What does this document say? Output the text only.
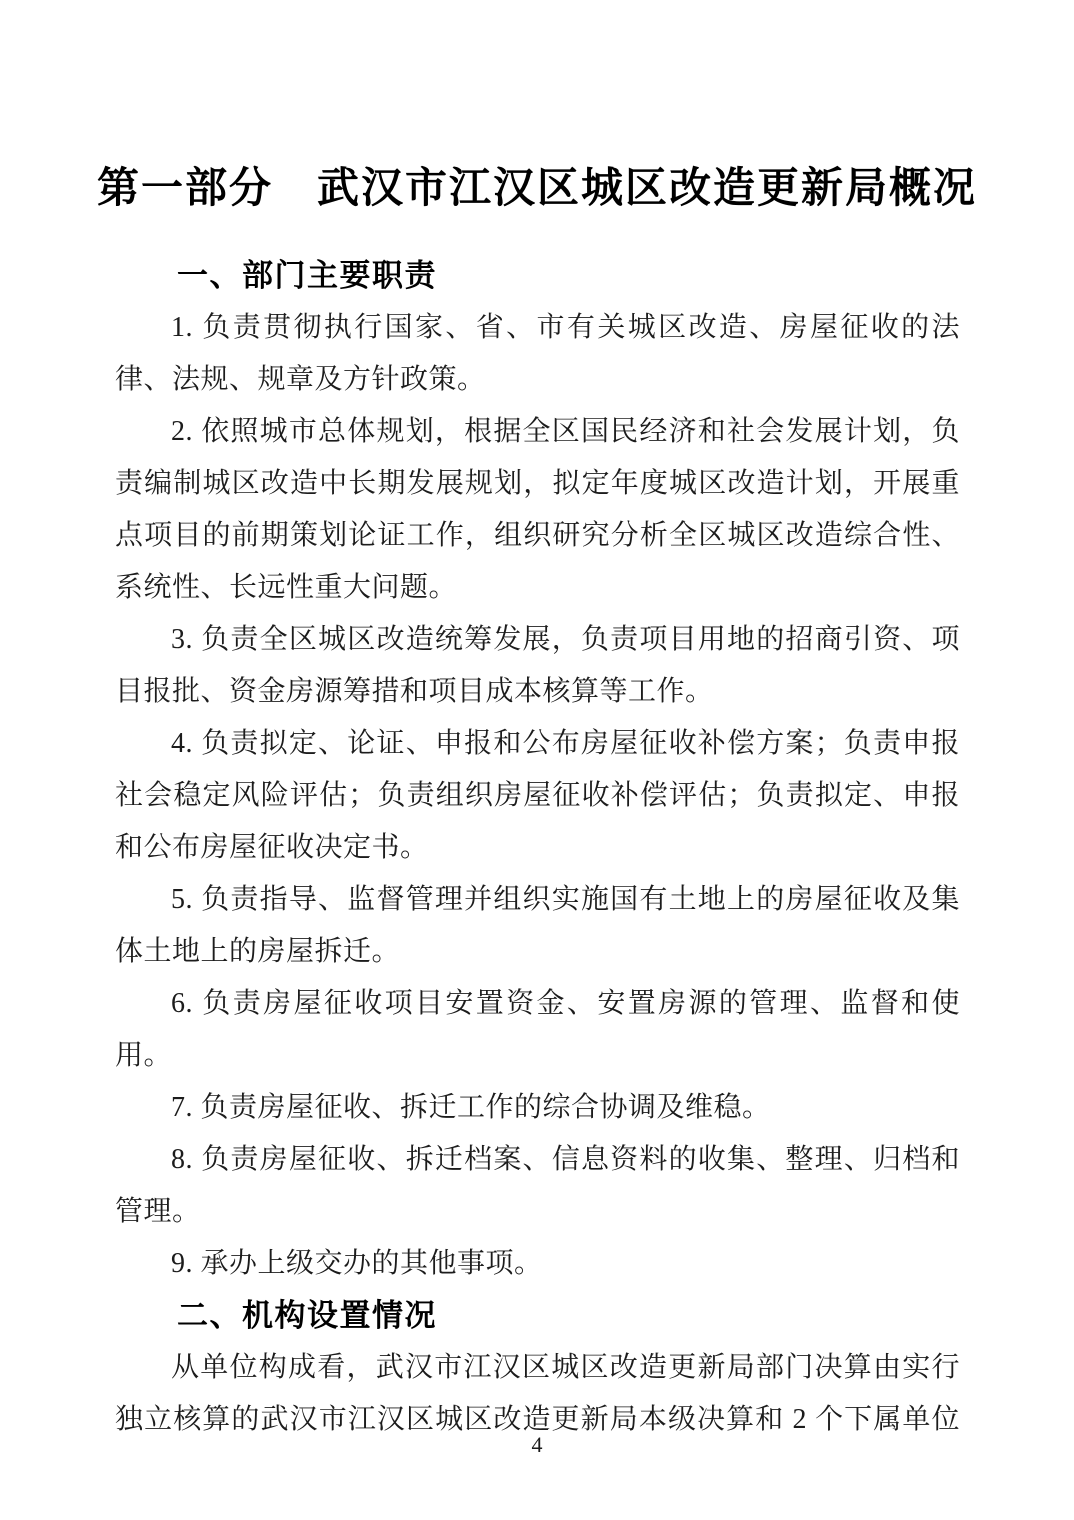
第一部分　武汉市江汉区城区改造更新局概况
一、部门主要职责

1. 负责贯彻执行国家、省、市有关城区改造、房屋征收的法律、法规、规章及方针政策。

2. 依照城市总体规划，根据全区国民经济和社会发展计划，负责编制城区改造中长期发展规划，拟定年度城区改造计划，开展重点项目的前期策划论证工作，组织研究分析全区城区改造综合性、系统性、长远性重大问题。

3. 负责全区城区改造统筹发展，负责项目用地的招商引资、项目报批、资金房源筹措和项目成本核算等工作。

4. 负责拟定、论证、申报和公布房屋征收补偿方案；负责申报社会稳定风险评估；负责组织房屋征收补偿评估；负责拟定、申报和公布房屋征收决定书。

5. 负责指导、监督管理并组织实施国有土地上的房屋征收及集体土地上的房屋拆迁。

6. 负责房屋征收项目安置资金、安置房源的管理、监督和使用。

7. 负责房屋征收、拆迁工作的综合协调及维稳。

8. 负责房屋征收、拆迁档案、信息资料的收集、整理、归档和管理。

9. 承办上级交办的其他事项。

二、机构设置情况

从单位构成看，武汉市江汉区城区改造更新局部门决算由实行独立核算的武汉市江汉区城区改造更新局本级决算和 2 个下属单位

4
